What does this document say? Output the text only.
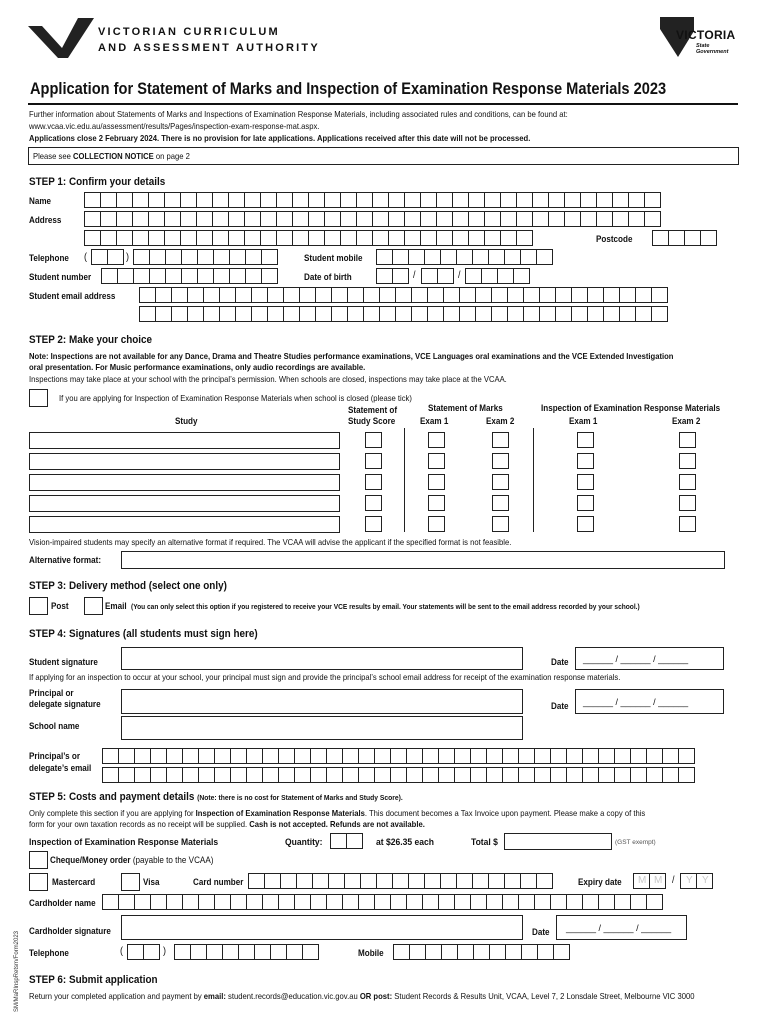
VICTORIAN CURRICULUM
AND ASSESSMENT AUTHORITY
VICTORIA
State
Government
Application for Statement of Marks and Inspection of Examination Response Materials 2023
Further information about Statements of Marks and Inspections of Examination Response Materials, including associated rules and conditions, can be found at:
www.vcaa.vic.edu.au/assessment/results/Pages/inspection-exam-response-mat.aspx.
Applications close 2 February 2024. There is no provision for late applications. Applications received after this date will not be processed.
Please see COLLECTION NOTICE on page 2
STEP 1: Confirm your details
Name
Address
Postcode
Telephone (	)	Student mobile
Student number	Date of birth	/	/
Student email address
STEP 2: Make your choice
Note: Inspections are not available for any Dance, Drama and Theatre Studies performance examinations, VCE Languages oral examinations and the VCE Extended Investigation
oral presentation. For Music performance examinations, only audio recordings are available.
Inspections may take place at your school with the principal’s permission. When schools are closed, inspections may take place at the VCAA.
If you are applying for Inspection of Examination Response Materials when school is closed (please tick)
Study
Statement of
Study Score
Statement of Marks
Exam 1	Exam 2
Inspection of Examination Response Materials
Exam 1	Exam 2
Vision-impaired students may specify an alternative format if required. The VCAA will advise the applicant if the specified format is not feasible.
Alternative format:
STEP 3: Delivery method (select one only)
Post	Email (You can only select this option if you registered to receive your VCE results by email. Your statements will be sent to the email address recorded by your school.)
STEP 4: Signatures (all students must sign here)
Student signature	Date ______ / ______ / ______
If applying for an inspection to occur at your school, your principal must sign and provide the principal’s school email address for receipt of the examination response materials.
Principal or
delegate signature	Date ______ / ______ / ______
School name
Principal’s or
delegate’s email
STEP 5: Costs and payment details (Note: there is no cost for Statement of Marks and Study Score).
Only complete this section if you are applying for Inspection of Examination Response Materials. This document becomes a Tax Invoice upon payment. Please make a copy of this
form for your own taxation records as no receipt will be supplied. Cash is not accepted. Refunds are not available.
Inspection of Examination Response Materials	Quantity:	at $26.35 each	Total $	(GST exempt)
Cheque/Money order (payable to the VCAA)
Mastercard	Visa	Card number	Expiry date M M / Y Y
Cardholder name
Cardholder signature	Date ______ / ______ / ______
Telephone	(	)	Mobile
STEP 6: Submit application
Return your completed application and payment by email: student.records@education.vic.gov.au OR post: Student Records & Results Unit, VCAA, Level 7, 2 Lonsdale Street, Melbourne VIC 3000
SM/MaRInspRetsm/Form2023
